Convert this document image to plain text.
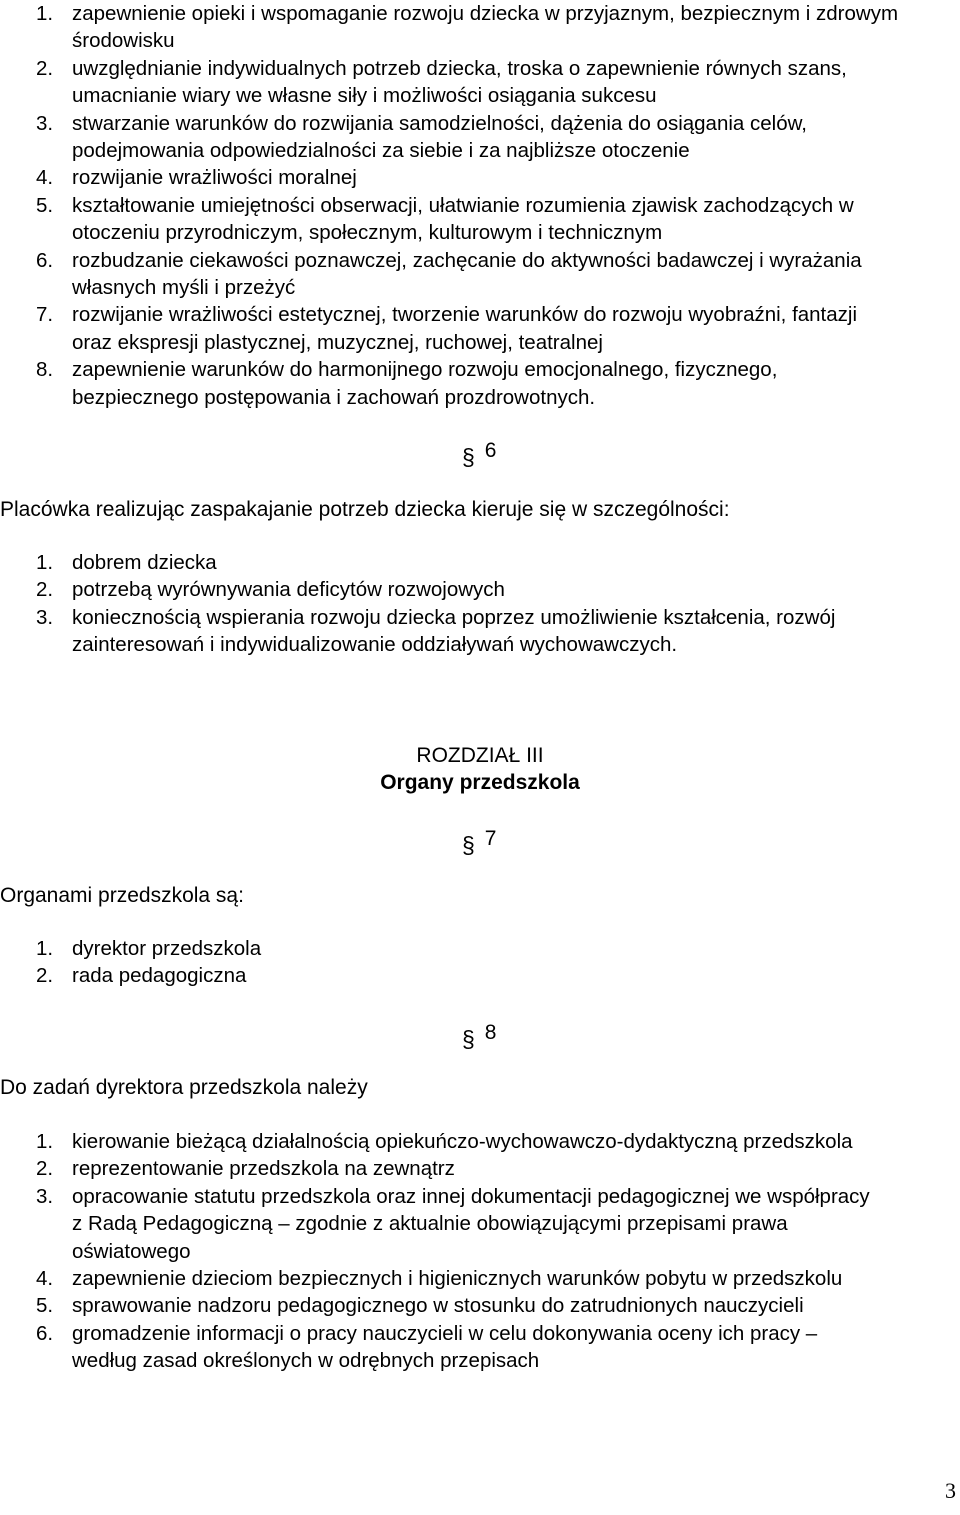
1. zapewnienie opieki i wspomaganie rozwoju dziecka w przyjaznym, bezpiecznym i zdrowym środowisku
2. uwzględnianie indywidualnych potrzeb dziecka, troska o zapewnienie równych szans, umacnianie wiary we własne siły i możliwości osiągania sukcesu
3. stwarzanie warunków do rozwijania samodzielności, dążenia do osiągania celów, podejmowania odpowiedzialności za siebie i za najbliższe otoczenie
4. rozwijanie wrażliwości moralnej
5. kształtowanie umiejętności obserwacji, ułatwianie rozumienia zjawisk zachodzących w otoczeniu przyrodniczym, społecznym, kulturowym i technicznym
6. rozbudzanie ciekawości poznawczej, zachęcanie do aktywności badawczej i wyrażania własnych myśli i przeżyć
7. rozwijanie wrażliwości estetycznej, tworzenie warunków do rozwoju wyobraźni, fantazji oraz ekspresji plastycznej, muzycznej, ruchowej, teatralnej
8. zapewnienie warunków do harmonijnego rozwoju emocjonalnego, fizycznego, bezpiecznego postępowania i zachowań prozdrowotnych.
§ 6
Placówka realizując zaspakajanie potrzeb dziecka kieruje się w szczególności:
1. dobrem dziecka
2. potrzebą wyrównywania deficytów rozwojowych
3. koniecznością wspierania rozwoju dziecka poprzez umożliwienie kształcenia, rozwój zainteresowań i indywidualizowanie oddziaływań wychowawczych.
ROZDZIAŁ III
Organy przedszkola
§ 7
Organami przedszkola są:
1. dyrektor przedszkola
2. rada pedagogiczna
§ 8
Do zadań dyrektora przedszkola należy
1. kierowanie bieżącą działalnością opiekuńczo-wychowawczo-dydaktyczną przedszkola
2. reprezentowanie przedszkola na zewnątrz
3. opracowanie statutu przedszkola oraz innej dokumentacji pedagogicznej we współpracy z Radą Pedagogiczną – zgodnie z aktualnie obowiązującymi przepisami prawa oświatowego
4. zapewnienie dzieciom bezpiecznych i higienicznych warunków pobytu w przedszkolu
5. sprawowanie nadzoru pedagogicznego w stosunku do zatrudnionych nauczycieli
6. gromadzenie informacji o pracy nauczycieli w celu dokonywania oceny ich pracy – według zasad określonych w odrębnych przepisach
3
